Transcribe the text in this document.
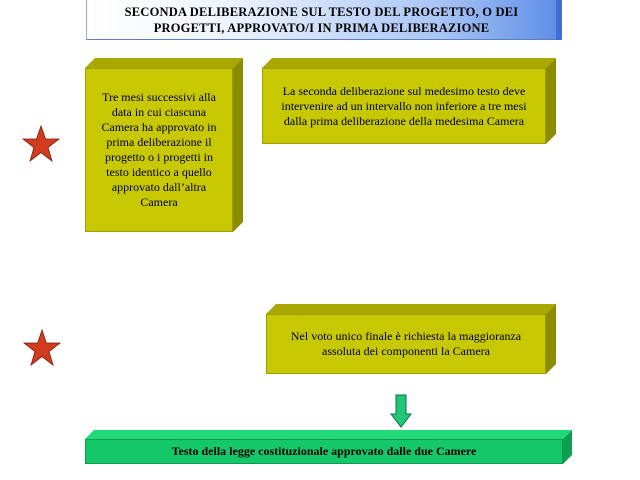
SECONDA DELIBERAZIONE SUL TESTO DEL PROGETTO, O DEI PROGETTI, APPROVATO/I IN PRIMA DELIBERAZIONE
Tre mesi successivi alla data in cui ciascuna Camera ha approvato in prima deliberazione il progetto o i progetti in testo identico a quello approvato dall’altra Camera
La seconda deliberazione sul medesimo testo deve intervenire ad un intervallo non inferiore a tre mesi dalla prima deliberazione della medesima Camera
Nel voto unico finale è richiesta la maggioranza assoluta dei componenti la Camera
Testo della legge costituzionale approvato dalle due Camere
